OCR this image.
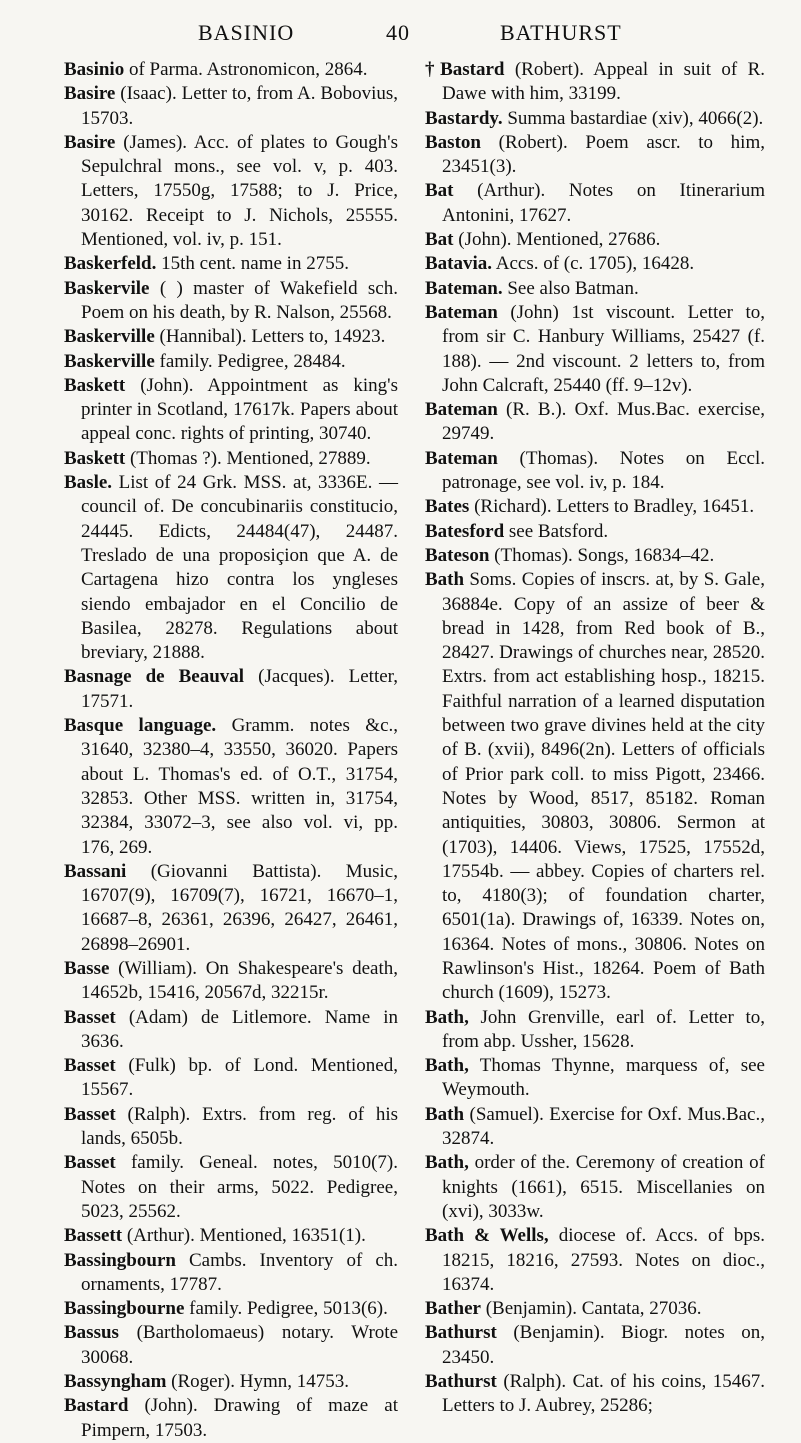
BASINIO	40	BATHURST

Basinio of Parma. Astronomicon, 2864.

Basire (Isaac). Letter to, from A. Bobovius, 15703.

Basire (James). Acc. of plates to Gough's Sepulchral mons., see vol. v, p. 403. Letters, 17550g, 17588; to J. Price, 30162. Receipt to J. Nichols, 25555. Mentioned, vol. iv, p. 151.

Baskerfeld. 15th cent. name in 2755.

Baskervile ( ) master of Wakefield sch. Poem on his death, by R. Nalson, 25568.

Baskerville (Hannibal). Letters to, 14923.

Baskerville family. Pedigree, 28484.

Baskett (John). Appointment as king's printer in Scotland, 17617k. Papers about appeal conc. rights of printing, 30740.

Baskett (Thomas ?). Mentioned, 27889.

Basle. List of 24 Grk. MSS. at, 3336E. — council of. De concubinariis constitucio, 24445. Edicts, 24484(47), 24487. Treslado de una proposiçion que A. de Cartagena hizo contra los yngleses siendo embajador en el Concilio de Basilea, 28278. Regulations about breviary, 21888.

Basnage de Beauval (Jacques). Letter, 17571.

Basque language. Gramm. notes &c., 31640, 32380–4, 33550, 36020. Papers about L. Thomas's ed. of O.T., 31754, 32853. Other MSS. written in, 31754, 32384, 33072–3, see also vol. vi, pp. 176, 269.

Bassani (Giovanni Battista). Music, 16707(9), 16709(7), 16721, 16670–1, 16687–8, 26361, 26396, 26427, 26461, 26898–26901.

Basse (William). On Shakespeare's death, 14652b, 15416, 20567d, 32215r.

Basset (Adam) de Litlemore. Name in 3636.

Basset (Fulk) bp. of Lond. Mentioned, 15567.

Basset (Ralph). Extrs. from reg. of his lands, 6505b.

Basset family. Geneal. notes, 5010(7). Notes on their arms, 5022. Pedigree, 5023, 25562.

Bassett (Arthur). Mentioned, 16351(1).

Bassingbourn Cambs. Inventory of ch. ornaments, 17787.

Bassingbourne family. Pedigree, 5013(6).

Bassus (Bartholomaeus) notary. Wrote 30068.

Bassyngham (Roger). Hymn, 14753.

Bastard (John). Drawing of maze at Pimpern, 17503.

†Bastard (Robert). Appeal in suit of R. Dawe with him, 33199.

Bastardy. Summa bastardiae (xiv), 4066(2).

Baston (Robert). Poem ascr. to him, 23451(3).

Bat (Arthur). Notes on Itinerarium Antonini, 17627.

Bat (John). Mentioned, 27686.

Batavia. Accs. of (c. 1705), 16428.

Bateman. See also Batman.

Bateman (John) 1st viscount. Letter to, from sir C. Hanbury Williams, 25427 (f. 188). — 2nd viscount. 2 letters to, from John Calcraft, 25440 (ff. 9–12v).

Bateman (R. B.). Oxf. Mus.Bac. exercise, 29749.

Bateman (Thomas). Notes on Eccl. patronage, see vol. iv, p. 184.

Bates (Richard). Letters to Bradley, 16451.

Batesford see Batsford.

Bateson (Thomas). Songs, 16834–42.

Bath Soms. Copies of inscrs. at, by S. Gale, 36884e. Copy of an assize of beer & bread in 1428, from Red book of B., 28427. Drawings of churches near, 28520. Extrs. from act establishing hosp., 18215. Faithful narration of a learned disputation between two grave divines held at the city of B. (xvii), 8496(2n). Letters of officials of Prior park coll. to miss Pigott, 23466. Notes by Wood, 8517, 85182. Roman antiquities, 30803, 30806. Sermon at (1703), 14406. Views, 17525, 17552d, 17554b. — abbey. Copies of charters rel. to, 4180(3); of foundation charter, 6501(1a). Drawings of, 16339. Notes on, 16364. Notes of mons., 30806. Notes on Rawlinson's Hist., 18264. Poem of Bath church (1609), 15273.

Bath, John Grenville, earl of. Letter to, from abp. Ussher, 15628.

Bath, Thomas Thynne, marquess of, see Weymouth.

Bath (Samuel). Exercise for Oxf. Mus.Bac., 32874.

Bath, order of the. Ceremony of creation of knights (1661), 6515. Miscellanies on (xvi), 3033w.

Bath & Wells, diocese of. Accs. of bps. 18215, 18216, 27593. Notes on dioc., 16374.

Bather (Benjamin). Cantata, 27036.

Bathurst (Benjamin). Biogr. notes on, 23450.

Bathurst (Ralph). Cat. of his coins, 15467. Letters to J. Aubrey, 25286;
